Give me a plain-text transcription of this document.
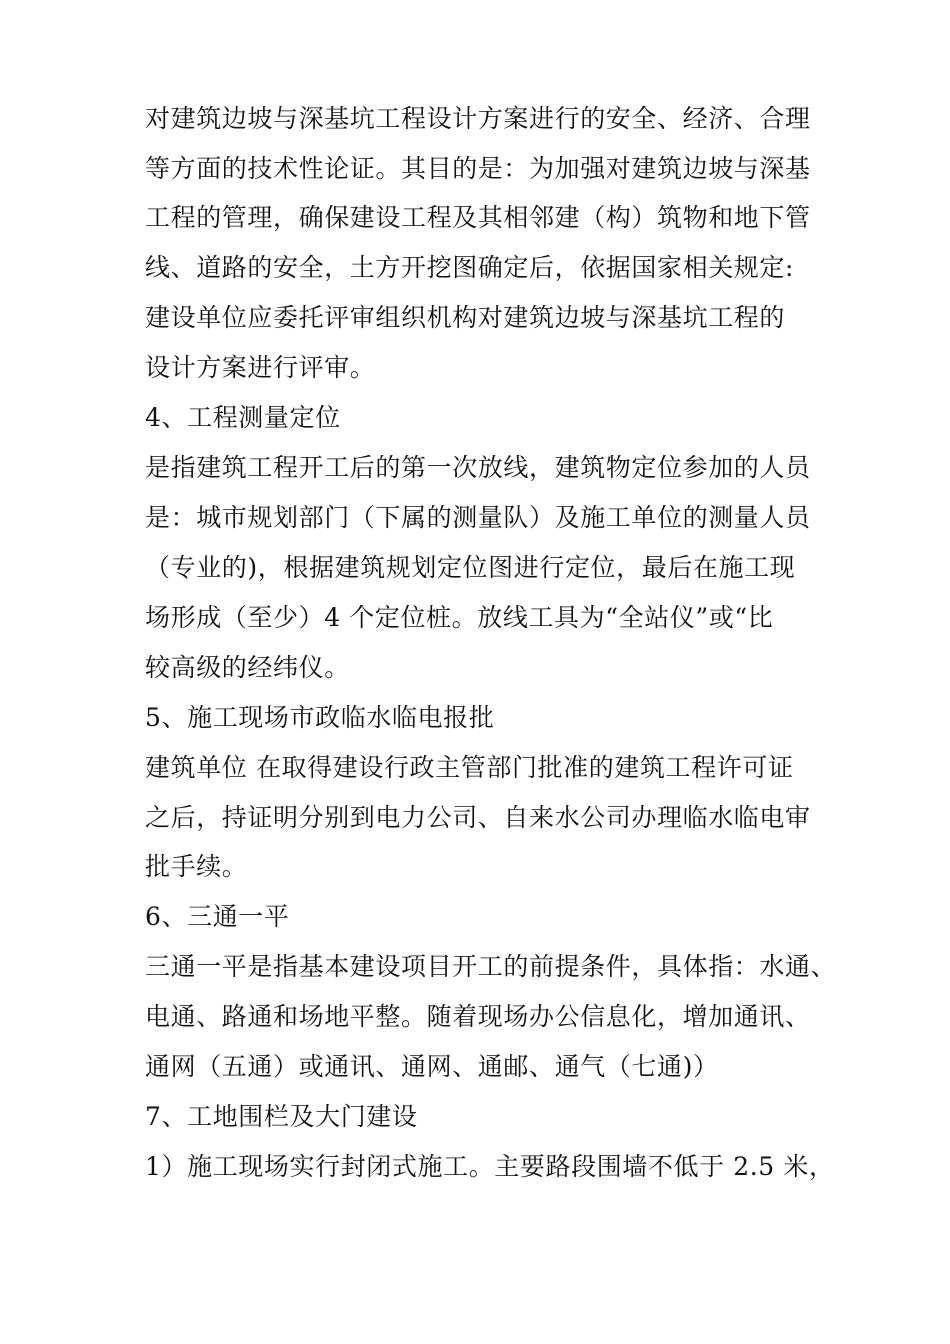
对建筑边坡与深基坑工程设计方案进行的安全、经济、合理
等方面的技术性论证。其目的是：为加强对建筑边坡与深基
工程的管理，确保建设工程及其相邻建（构）筑物和地下管
线、道路的安全，土方开挖图确定后，依据国家相关规定:
建设单位应委托评审组织机构对建筑边坡与深基坑工程的
设计方案进行评审。
4、工程测量定位
是指建筑工程开工后的第一次放线，建筑物定位参加的人员
是：城市规划部门（下属的测量队）及施工单位的测量人员
（专业的)，根据建筑规划定位图进行定位，最后在施工现
场形成（至少）4 个定位桩。放线工具为“全站仪”或“比
较高级的经纬仪。
5、施工现场市政临水临电报批
建筑单位 在取得建设行政主管部门批准的建筑工程许可证
之后，持证明分别到电力公司、自来水公司办理临水临电审
批手续。
6、三通一平
三通一平是指基本建设项目开工的前提条件，具体指：水通、
电通、路通和场地平整。随着现场办公信息化，增加通讯、
通网（五通）或通讯、通网、通邮、通气（七通)）
7、工地围栏及大门建设
1）施工现场实行封闭式施工。主要路段围墙不低于 2.5 米，
